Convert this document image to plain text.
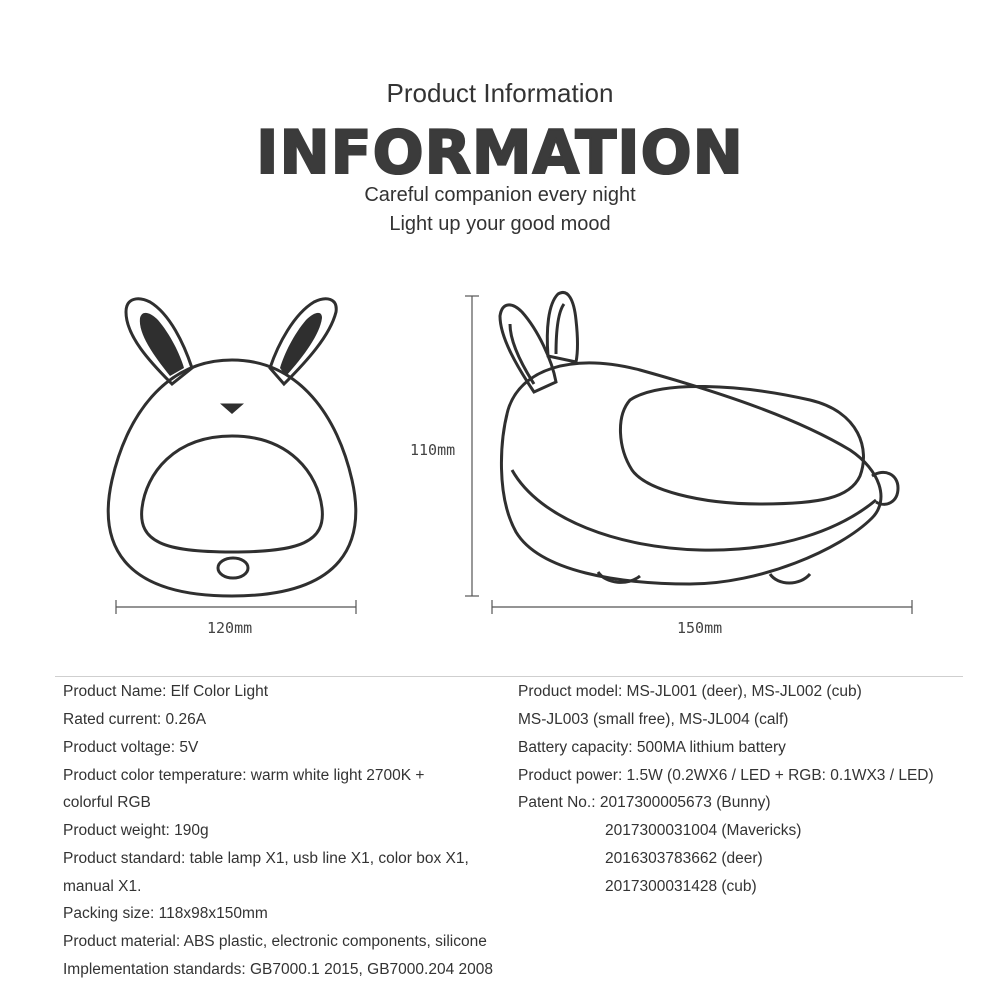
Product Information
INFORMATION
Careful companion every night
Light up your good mood
120mm
110mm
150mm
Product Name: Elf Color Light
Rated current: 0.26A
Product voltage: 5V
Product color temperature: warm white light 2700K +
colorful RGB
Product weight: 190g
Product standard: table lamp X1, usb line X1, color box X1,
manual X1.
Packing size: 118x98x150mm
Product material: ABS plastic, electronic components, silicone
Implementation standards: GB7000.1 2015, GB7000.204 2008
Product model: MS-JL001 (deer), MS-JL002 (cub)
MS-JL003 (small free), MS-JL004 (calf)
Battery capacity: 500MA lithium battery
Product power: 1.5W (0.2WX6 / LED + RGB: 0.1WX3 / LED)
Patent No.: 2017300005673 (Bunny)
2017300031004 (Mavericks)
2016303783662 (deer)
2017300031428 (cub)
